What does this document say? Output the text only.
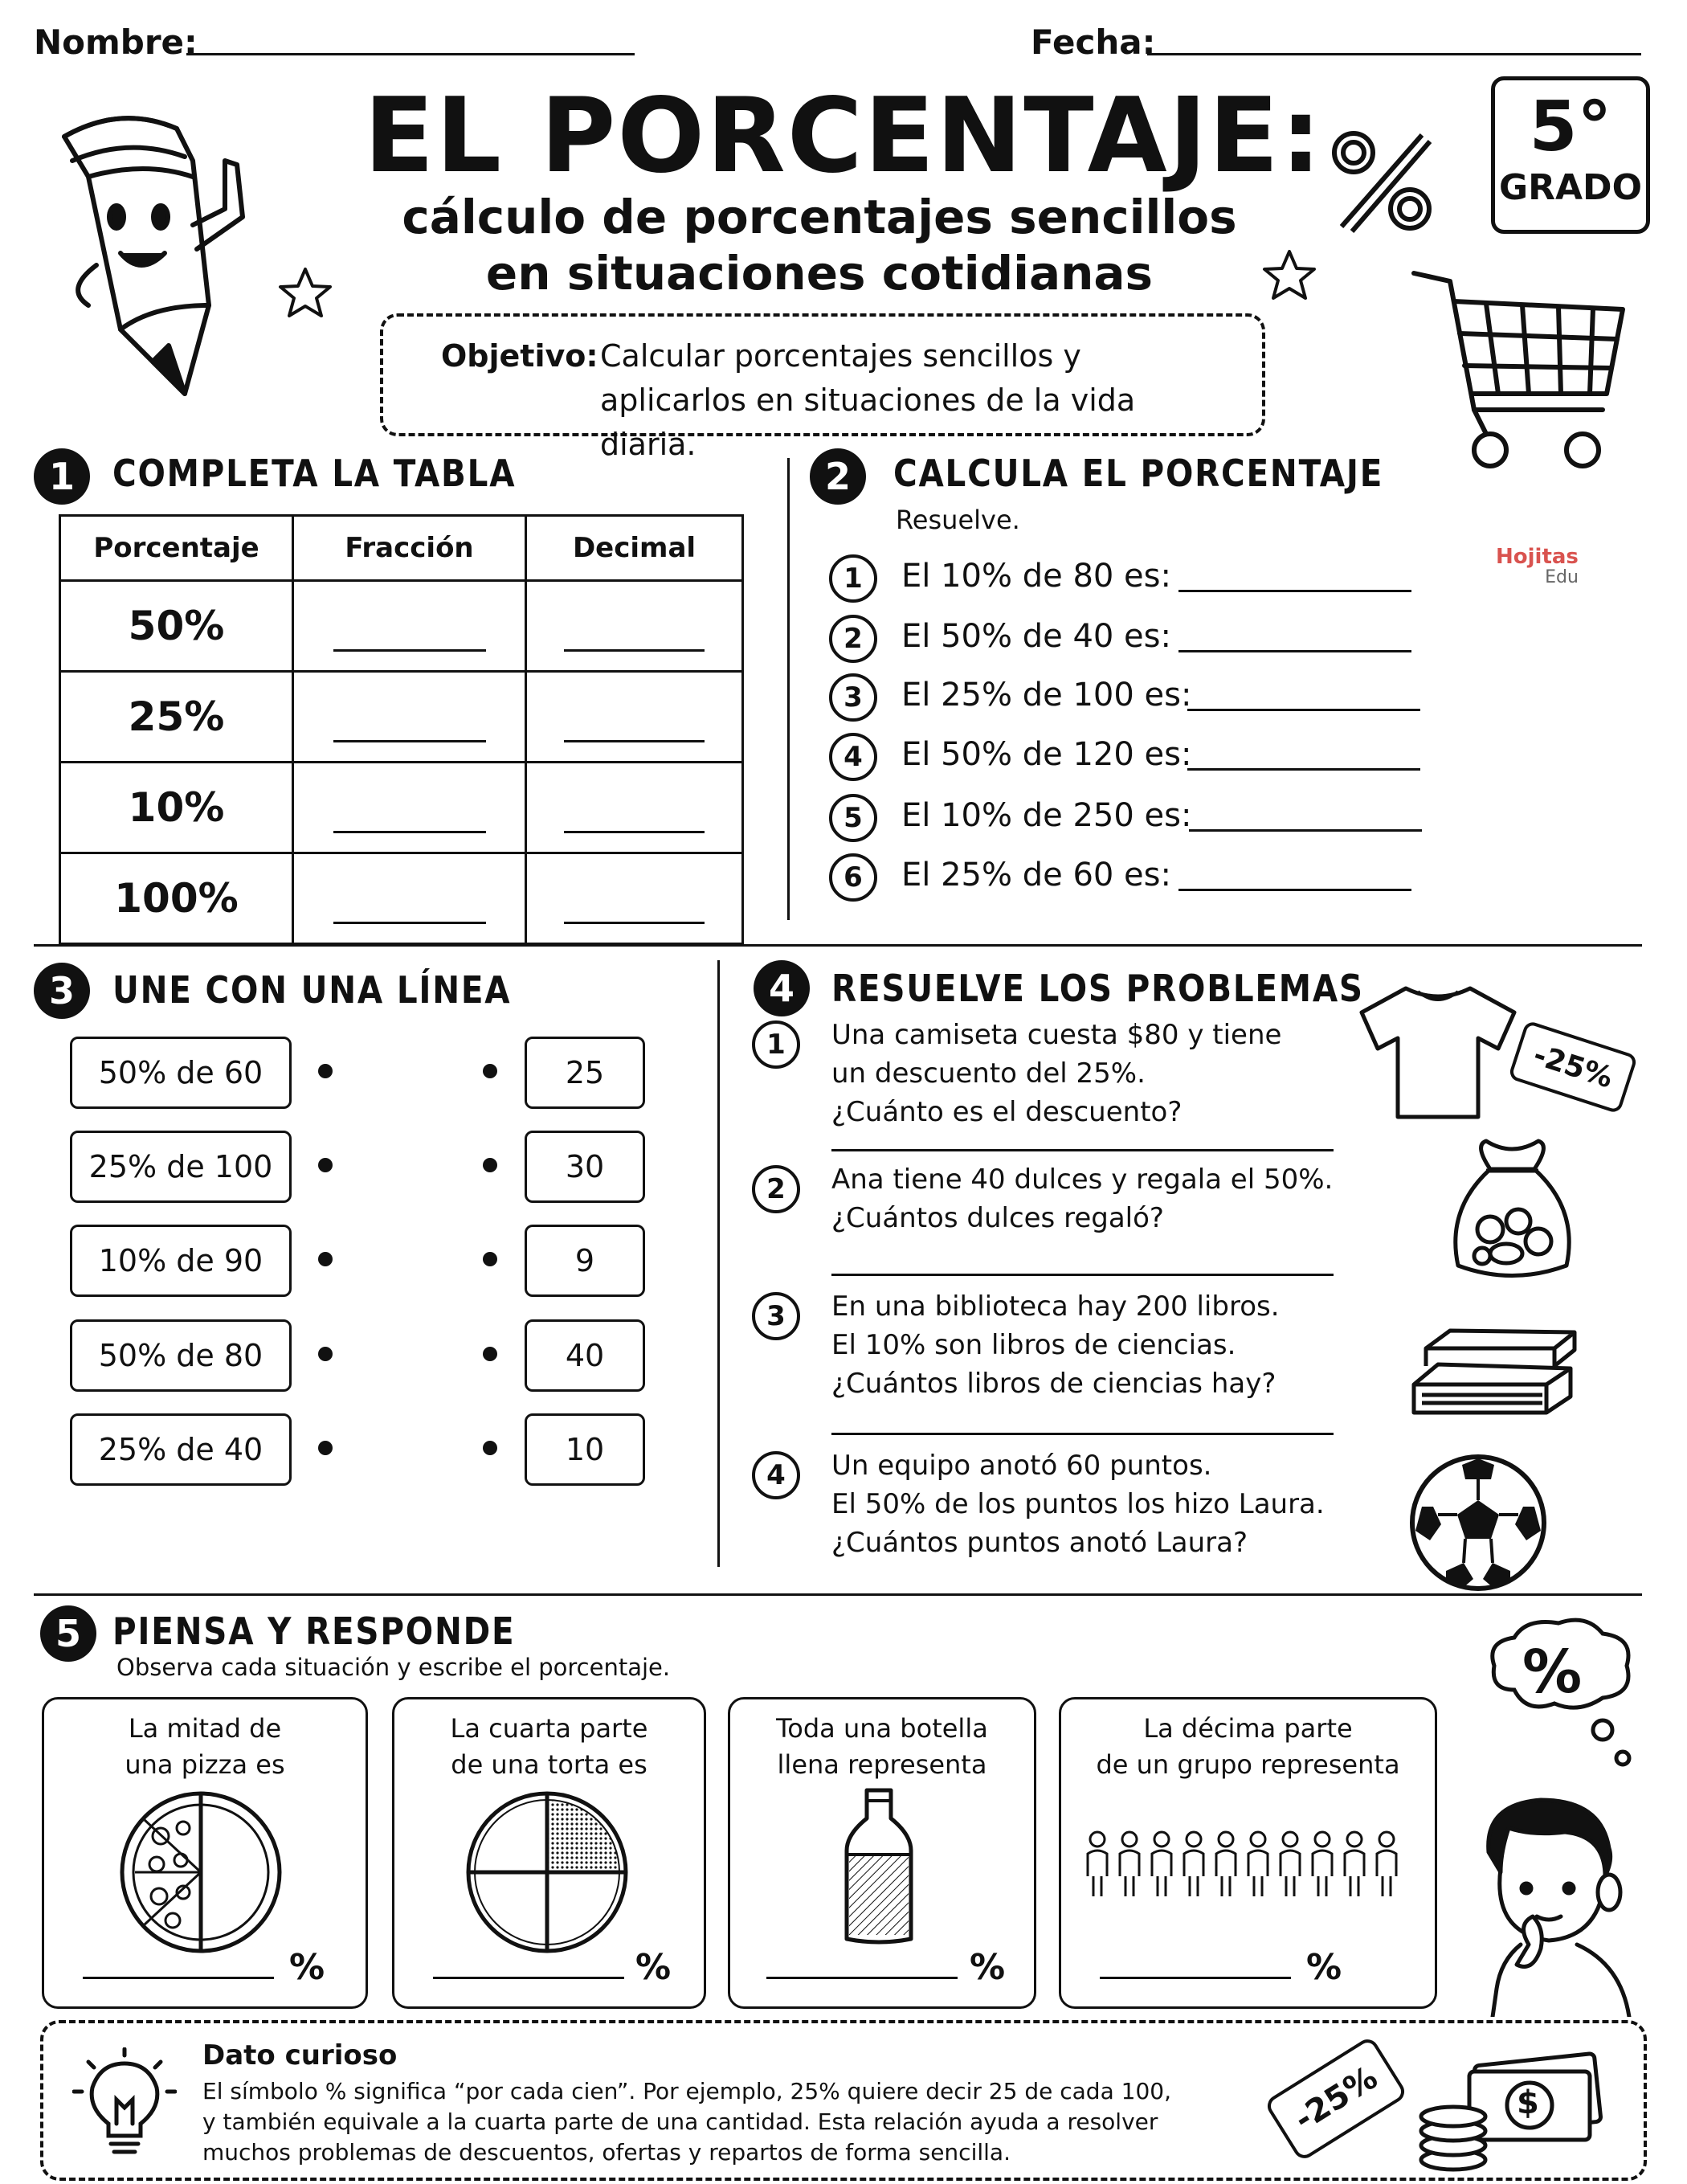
Nombre:	Fecha:
EL PORCENTAJE:
cálculo de porcentajes sencillos
en situaciones cotidianas
5°
GRADO
Objetivo: Calcular porcentajes sencillos y aplicarlos en situaciones de la vida diaria.
Hojitas
Edu
1	COMPLETA LA TABLA
Porcentaje	Fracción	Decimal
50%		
25%		
10%		
100%		
2	CALCULA EL PORCENTAJE
Resuelve.
1	El 10% de 80 es:
2	El 50% de 40 es:
3	El 25% de 100 es:
4	El 50% de 120 es:
5	El 10% de 250 es:
6	El 25% de 60 es:
3	UNE CON UNA LÍNEA
50% de 60	25
25% de 100	30
10% de 90	9
50% de 80	40
25% de 40	10
4	RESUELVE LOS PROBLEMAS
1	Una camiseta cuesta $80 y tiene
un descuento del 25%.
¿Cuánto es el descuento?
2	Ana tiene 40 dulces y regala el 50%.
¿Cuántos dulces regaló?
3	En una biblioteca hay 200 libros.
El 10% son libros de ciencias.
¿Cuántos libros de ciencias hay?
4	Un equipo anotó 60 puntos.
El 50% de los puntos los hizo Laura.
¿Cuántos puntos anotó Laura?
-25%
5 PIENSA Y RESPONDE
Observa cada situación y escribe el porcentaje.
La mitad de
una pizza es
%
La cuarta parte
de una torta es
%
Toda una botella
llena representa
%
La décima parte
de un grupo representa
%
%
Dato curioso
El símbolo % significa “por cada cien”. Por ejemplo, 25% quiere decir 25 de cada 100,
y también equivale a la cuarta parte de una cantidad. Esta relación ayuda a resolver
muchos problemas de descuentos, ofertas y repartos de forma sencilla.
-25%	$
